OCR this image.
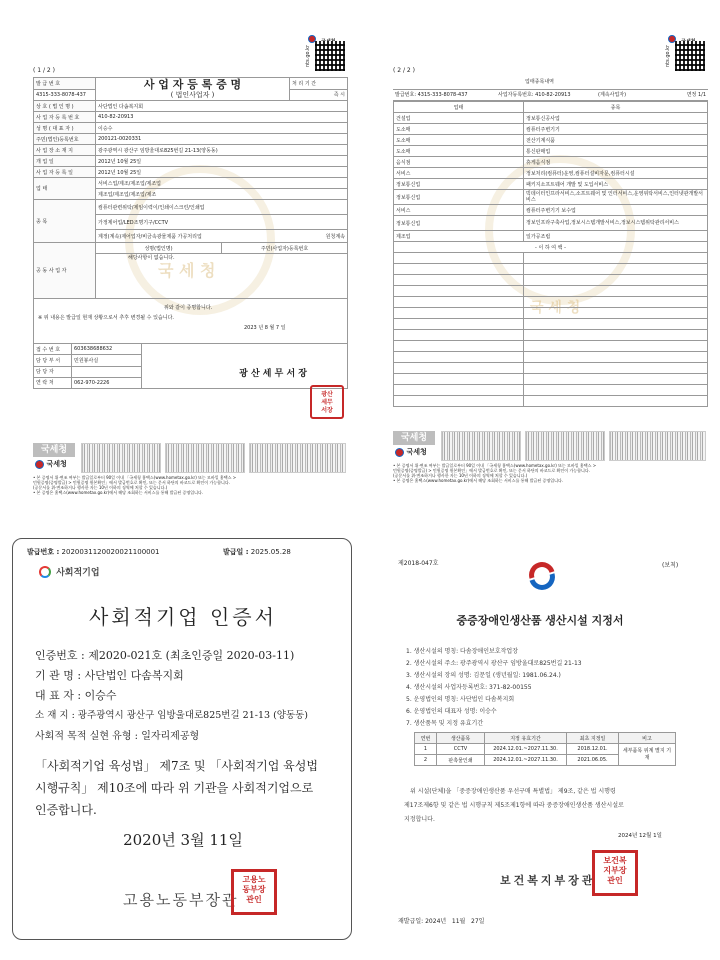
( 1 / 2 )
nts.go.kr
발 급 번 호	사 업 자 등 록 증 명
( 법인사업자 )	처 리 기 간
4315-333-8078-437		즉 시
상 호 ( 법 인 명 )	사단법인 다솜복지회
사 업 자 등 록 번 호	410-82-20913
성 명 ( 대 표 자 )	이승수
주민(법인)등록번호	200121-0020331
사 업 장 소 재 지	광주광역시 광산구 임방울대로825번길 21-13(양동동)
개 업 일	2012년 10월 25일
사 업 자 등 록 일	2012년 10월 25일
업 태	서비스업/제조/제조업/제조업
	제조업/제조업/제조업/제조
종 목	컴퓨터관련위탁/제임이력이/인쇄이스크린/인쇄업
	가정제어업/LED조명기구/CCTV
	계정(계속)제어업자/비금속광물제품 가공처리업 원청계속
공 동 사 업 자	성명(법인명)	주민(사업자)등록번호

해당사항이 없습니다.
국 세 청
위와 같이 증명합니다.
※ 위 내용은 발급일 현재 상황으로서 추후 변경될 수 있습니다.
2023 년 8 월 7 일
접 수 번 호	603638688632	광 산 세 무 서 장

담 당 부 서	민원봉사실	
담 당 자		
연 락 처	062-970-2226	
광산
세무
서장
국세청
국세청
• 본 증명서 위·변조 여부는 발급일로부터 90일 이내 「국세청 홈택스(www.hometax.go.kr) 또는 모바일 홈택스 >
민원증명(증명발급) > 민원증명 원본확인」에서 발급번호로 확인, 또는 문서 하단의 바코드로 확인이 가능합니다.
(공문서를 위·변조하거나 행사한 자는 10년 이하의 징역에 처할 수 있습니다.)
• 본 증명은 홈택스(www.hometax.go.kr)에서 해당 조회하는 서비스를 통해 발급된 증명입니다.
( 2 / 2 )
nts.go.kr
국 세 청
업태종목내역
발급번호: 4315-333-8078-437	사업자등록번호: 410-82-20913	(계속사업자)	면정 1/1
업태	종목
건설업	정보통신공사업
도소매	컴퓨터주변기기
도소매	전산기계식품
도소매	통신판매업
음식점	휴게음식점
서비스	정보처리(컴퓨터)운영,컴퓨터설비자문,컴퓨터시설
정보통신업	패키지소프트웨어 개발 및 도입서비스
정보통신업	빅데이터인프라서비스,소프트웨어 및 인터서비스,운영위탁서비스,인터넷관개발서비스
서비스	컴퓨터주변기기 보수업
정보통신업	정보인프라구축사업,정보시스템개발서비스,정보시스템위탁관리서비스
제조업	일가공조립
- 이 하 여 백 -	

국세청
국세청
• 본 증명서 위·변조 여부는 발급일로부터 90일 이내 「국세청 홈택스(www.hometax.go.kr) 또는 모바일 홈택스 >
민원증명(증명발급) > 민원증명 원본확인」에서 발급번호로 확인, 또는 문서 하단의 바코드로 확인이 가능합니다.
(공문서를 위·변조하거나 행사한 자는 10년 이하의 징역에 처할 수 있습니다.)
• 본 증명은 홈택스(www.hometax.go.kr)에서 해당 조회하는 서비스를 통해 발급된 증명입니다.
발급번호 : 2020031120020021100001	발급일 : 2025.05.28
사회적기업
사회적기업 인증서
인증번호 : 제2020-021호 (최초인증일 2020-03-11)
기 관 명 : 사단법인 다솜복지회
대 표 자 : 이승수
소 재 지 : 광주광역시 광산구 임방울대로825번길 21-13 (양동동)
사회적 목적 실현 유형 : 일자리제공형
「사회적기업 육성법」 제7조 및 「사회적기업 육성법
시행규칙」 제10조에 따라 위 기관을 사회적기업으로
인증합니다.
2020년 3월 11일
고용노동부장관
고용노동부장관인
제2018-047호	(보칙)
중증장애인생산품 생산시설 지정서
1. 생산시설의 명칭: 다솜장애인보호작업장
2. 생산시설의 주소: 광주광역시 광산구 임방울대로825번길 21-13
3. 생산시설의 장의 성명: 김문일 (생년월일: 1981.06.24.)
4. 생산시설의 사업자등록번호: 371-82-00155
5. 운영법인의 명칭: 사단법인 다솜복지회
6. 운영법인의 대표자 성명: 이승수
7. 생산품목 및 지정 유효기간
연번	생산품목	지정 유효기간	최초 지정일	비고
1	CCTV	2024.12.01.~2027.11.30.	2018.12.01.	세부품목 위계 별지 기재
2	판촉물인쇄	2024.12.01.~2027.11.30.	2021.06.05.	
위 시설(단체)을 「중증장애인생산품 우선구매 특별법」 제9조, 같은 법 시행령
제17조제6항 및 같은 법 시행규칙 제5조제1항에 따라 중증장애인생산품 생산시설로
지정합니다.
2024년 12월 1일
보건복지부장관
보건복지부장관인
재발급일: 2024년   11월   27일
